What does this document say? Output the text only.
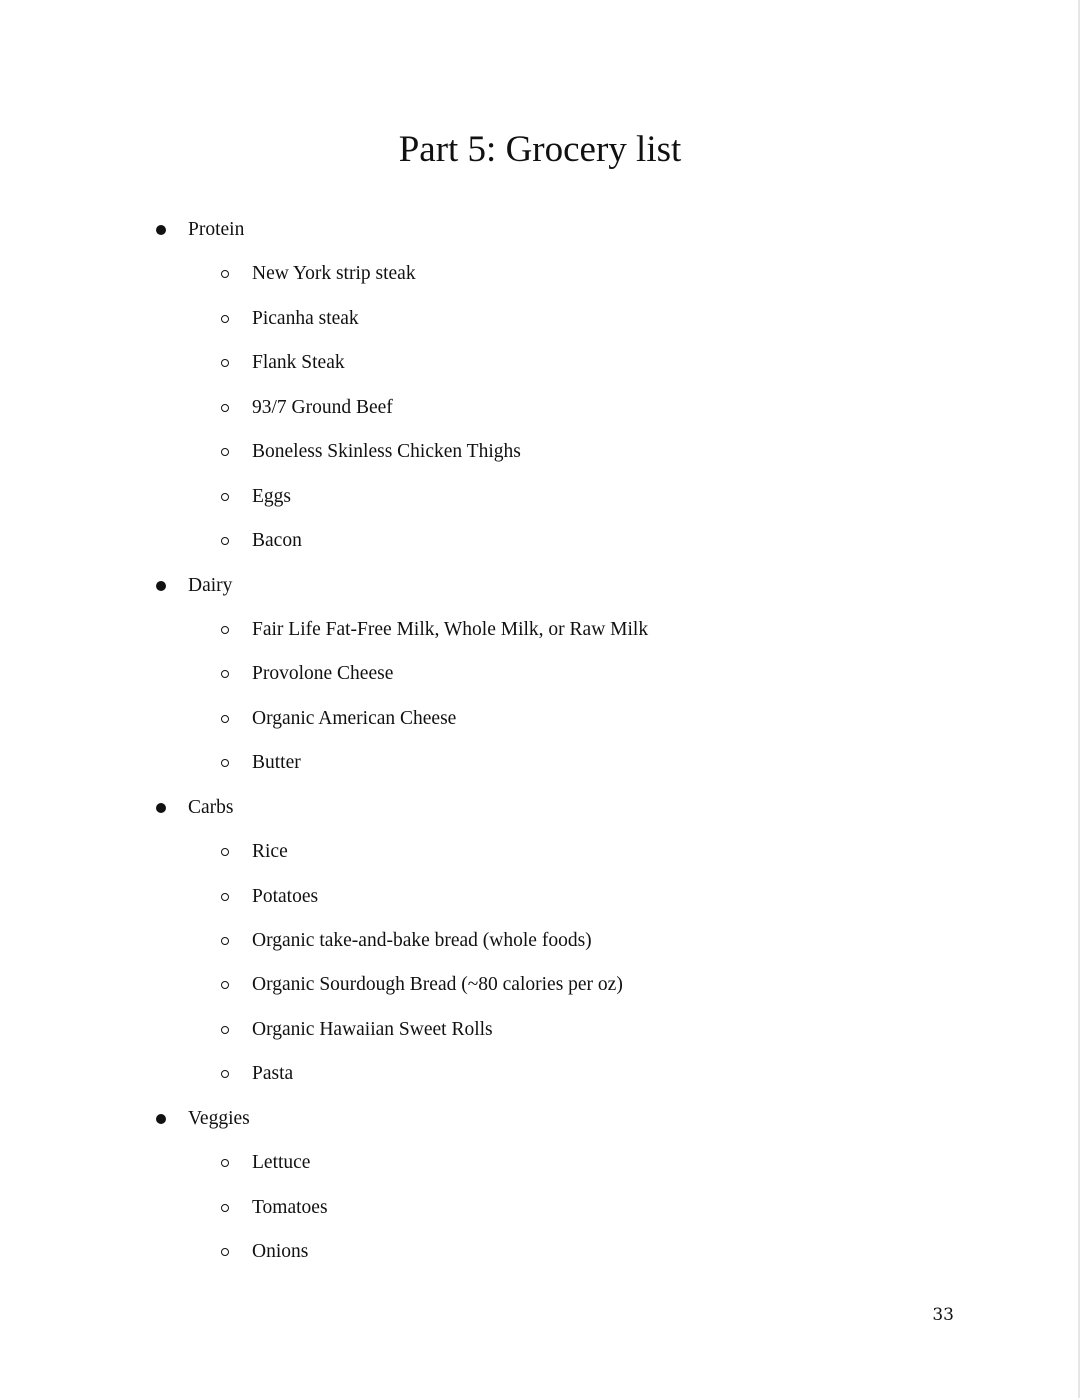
Part 5: Grocery list
Protein
New York strip steak
Picanha steak
Flank Steak
93/7 Ground Beef
Boneless Skinless Chicken Thighs
Eggs
Bacon
Dairy
Fair Life Fat-Free Milk, Whole Milk, or Raw Milk
Provolone Cheese
Organic American Cheese
Butter
Carbs
Rice
Potatoes
Organic take-and-bake bread (whole foods)
Organic Sourdough Bread (~80 calories per oz)
Organic Hawaiian Sweet Rolls
Pasta
Veggies
Lettuce
Tomatoes
Onions
33
